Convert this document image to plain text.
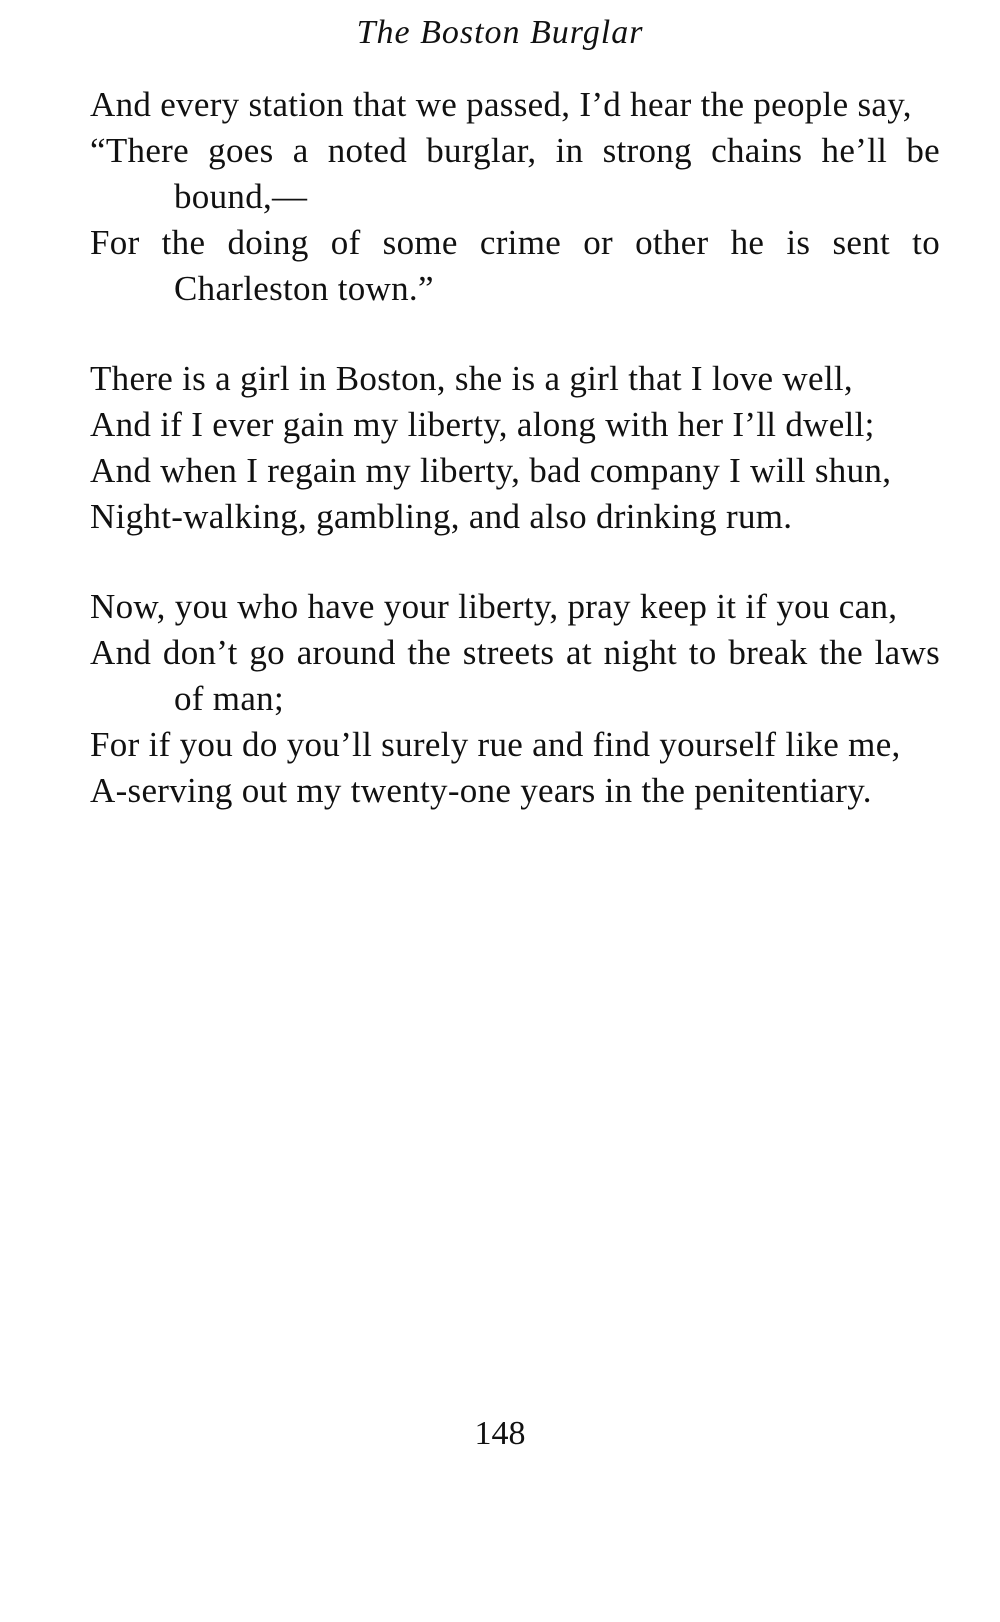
The Boston Burglar

And every station that we passed, I’d hear the people say,

“There goes a noted burglar, in strong chains he’ll be bound,—

For the doing of some crime or other he is sent to Charleston town.”

There is a girl in Boston, she is a girl that I love well,

And if I ever gain my liberty, along with her I’ll dwell;

And when I regain my liberty, bad company I will shun,

Night-walking, gambling, and also drinking rum.

Now, you who have your liberty, pray keep it if you can,

And don’t go around the streets at night to break the laws of man;

For if you do you’ll surely rue and find yourself like me,

A-serving out my twenty-one years in the penitentiary.

148
